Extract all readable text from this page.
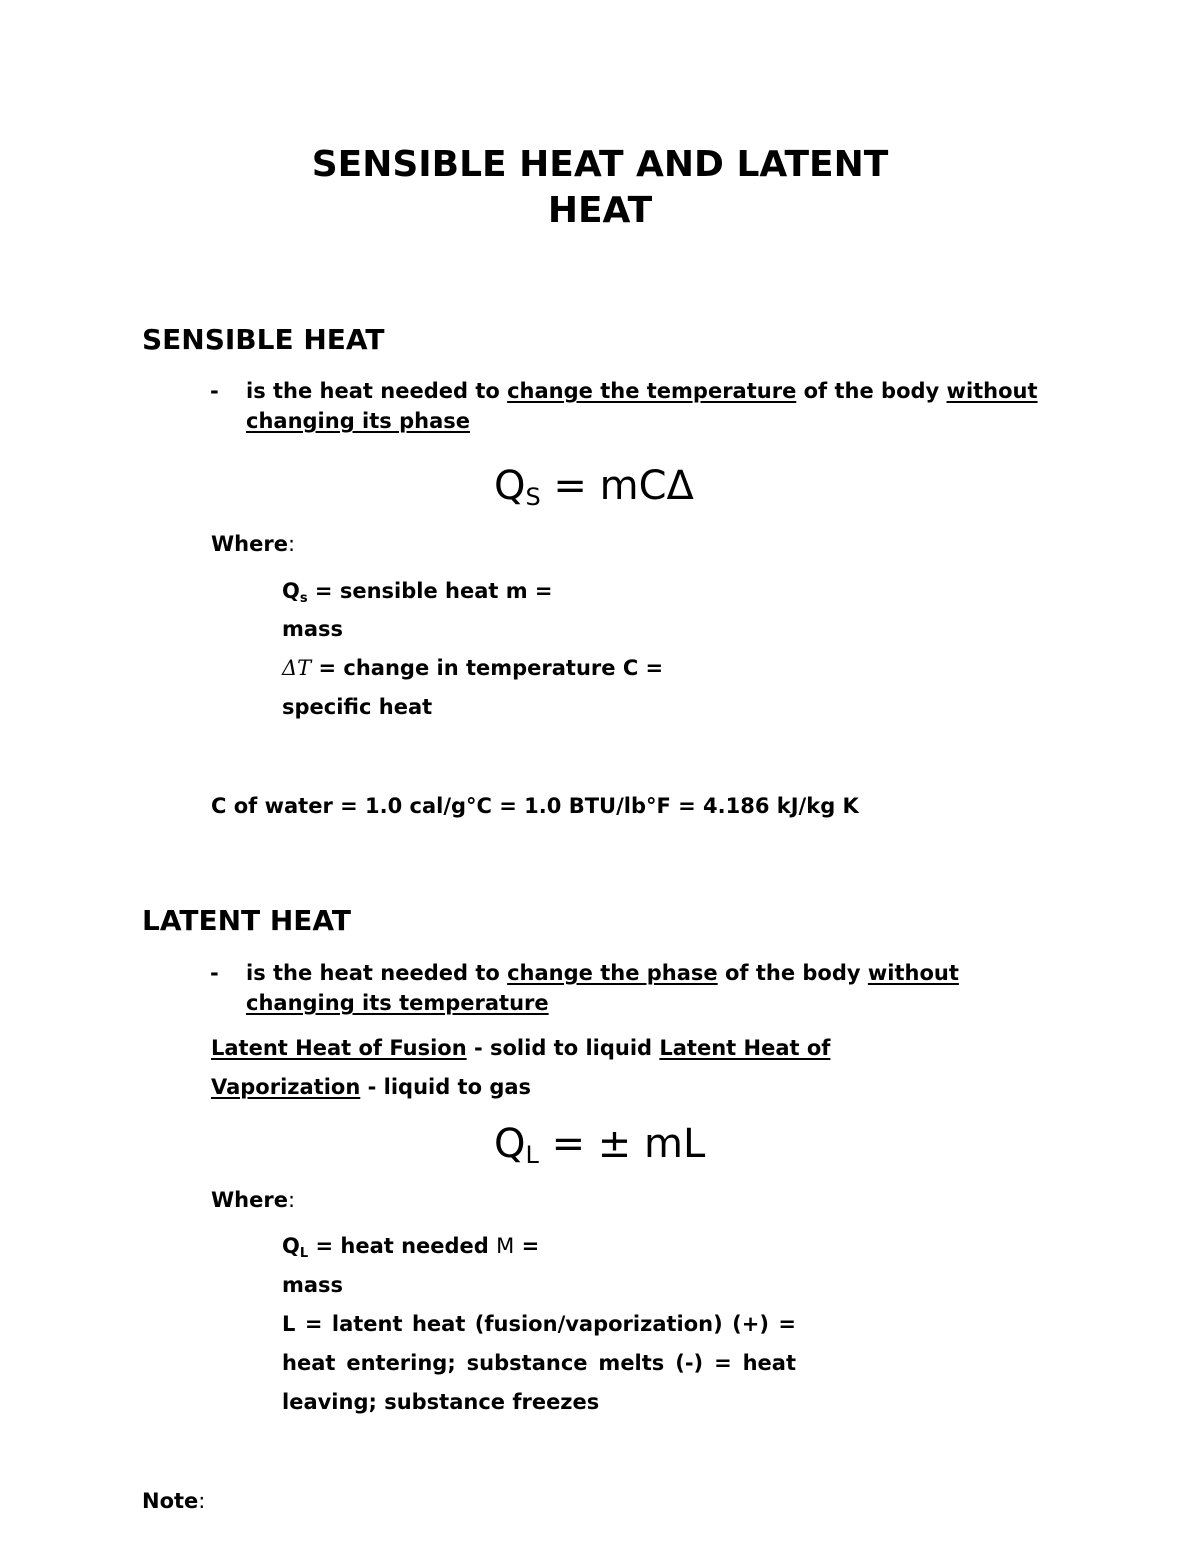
SENSIBLE HEAT AND LATENT
HEAT
SENSIBLE HEAT
- is the heat needed to change the temperature of the body without
changing its phase
$Q_S = mC\Delta$
Where:
Qs = sensible heat m =
mass
ΔT = change in temperature C =
specific heat
C of water = 1.0 cal/g°C = 1.0 BTU/lb°F = 4.186 kJ/kg K
LATENT HEAT
- is the heat needed to change the phase of the body without
changing its temperature
Latent Heat of Fusion - solid to liquid Latent Heat of
Vaporization - liquid to gas
$Q_L$ = ± mL
Where:
QL = heat needed M =
mass
L = latent heat (fusion/vaporization) (+) =
heat entering; substance melts (-) = heat
leaving; substance freezes
Note:
